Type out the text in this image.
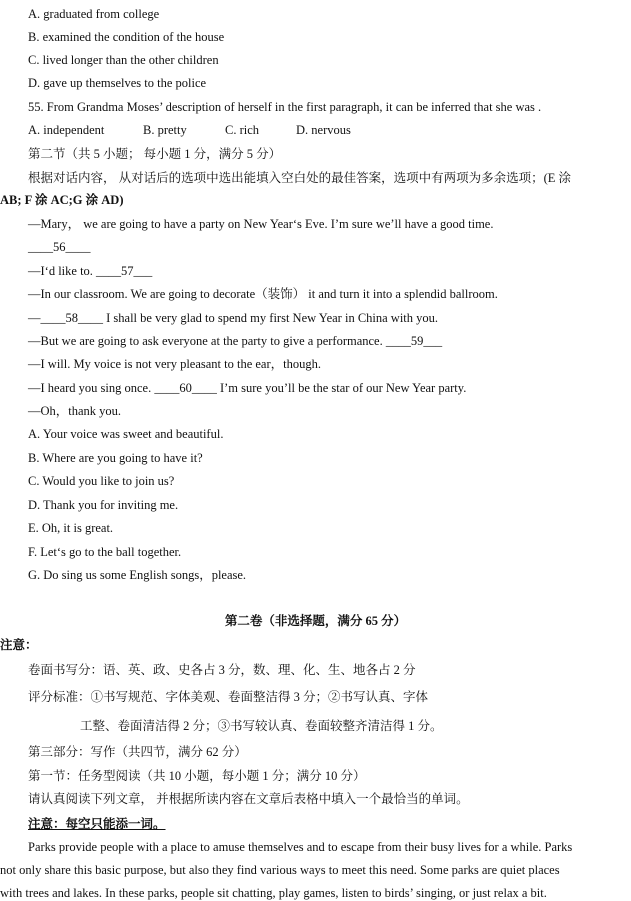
A. graduated from college
B. examined the condition of the house
C. lived longer than the other children
D. gave up themselves to the police
55. From Grandma Moses’ description of herself in the first paragraph, it can be inferred that she was .
A. independent	B. pretty	C. rich	D. nervous
第二节（共 5 小题； 每小题 1 分，满分 5 分）
根据对话内容， 从对话后的选项中选出能填入空白处的最佳答案，选项中有两项为多余选项；(E 涂
AB; F 涂 AC;G 涂 AD)
—Mary， we are going to have a party on New Year‘s Eve. I’m sure we’ll have a good time.
____56____
—I‘d like to. ____57___
—In our classroom. We are going to decorate（装饰） it and turn it into a splendid ballroom.
—____58____ I shall be very glad to spend my first New Year in China with you.
—But we are going to ask everyone at the party to give a performance. ____59___
—I will. My voice is not very pleasant to the ear，though.
—I heard you sing once. ____60____ I’m sure you’ll be the star of our New Year party.
—Oh，thank you.
A. Your voice was sweet and beautiful.
B. Where are you going to have it?
C. Would you like to join us?
D. Thank you for inviting me.
E. Oh, it is great.
F. Let‘s go to the ball together.
G. Do sing us some English songs，please.
第二卷（非选择题，满分 65 分）
注意：
卷面书写分：语、英、政、史各占 3 分，数、理、化、生、地各占 2 分
评分标准：①书写规范、字体美观、卷面整洁得 3 分；②书写认真、字体
工整、卷面清洁得 2 分；③书写较认真、卷面较整齐清洁得 1 分。
第三部分：写作（共四节，满分 62 分）
第一节：任务型阅读（共 10 小题，每小题 1 分；满分 10 分）
请认真阅读下列文章， 并根据所读内容在文章后表格中填入一个最恰当的单词。
注意：每空只能添一词。
Parks provide people with a place to amuse themselves and to escape from their busy lives for a while. Parks
not only share this basic purpose, but also they find various ways to meet this need. Some parks are quiet places
with trees and lakes. In these parks, people sit chatting, play games, listen to birds’ singing, or just relax a bit.
